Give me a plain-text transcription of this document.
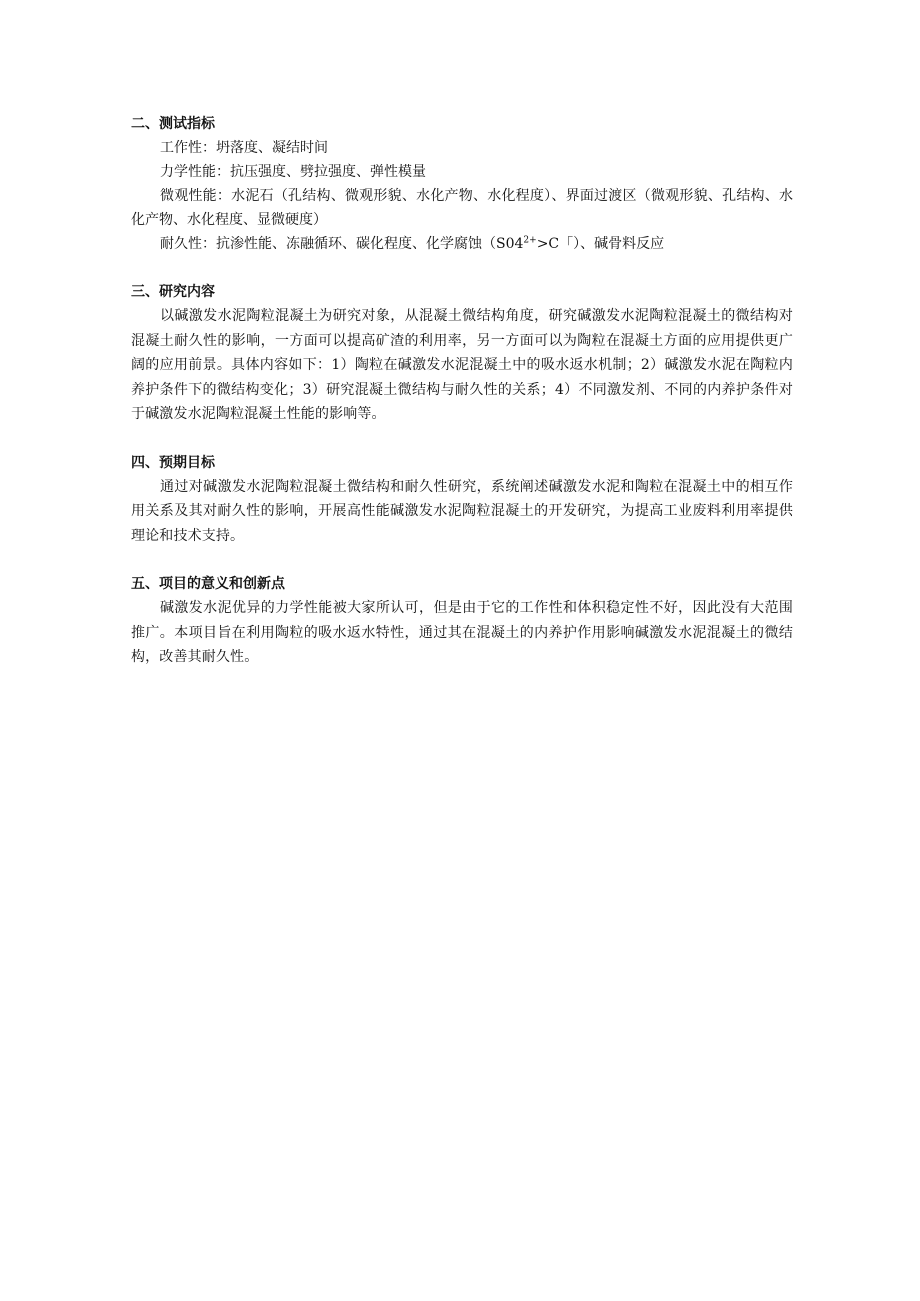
二、测试指标

工作性：坍落度、凝结时间

力学性能：抗压强度、劈拉强度、弹性模量

微观性能：水泥石（孔结构、微观形貌、水化产物、水化程度）、界面过渡区（微观形貌、孔结构、水化产物、水化程度、显微硬度）

耐久性：抗渗性能、冻融循环、碳化程度、化学腐蚀（$S04^{2+}>C$「）、碱骨料反应

三、研究内容

以碱激发水泥陶粒混凝土为研究对象，从混凝土微结构角度，研究碱激发水泥陶粒混凝土的微结构对混凝土耐久性的影响，一方面可以提高矿渣的利用率，另一方面可以为陶粒在混凝土方面的应用提供更广阔的应用前景。具体内容如下：1）陶粒在碱激发水泥混凝土中的吸水返水机制；2）碱激发水泥在陶粒内养护条件下的微结构变化；3）研究混凝土微结构与耐久性的关系；4）不同激发剂、不同的内养护条件对于碱激发水泥陶粒混凝土性能的影响等。

四、预期目标

通过对碱激发水泥陶粒混凝土微结构和耐久性研究，系统阐述碱激发水泥和陶粒在混凝土中的相互作用关系及其对耐久性的影响，开展高性能碱激发水泥陶粒混凝土的开发研究，为提高工业废料利用率提供理论和技术支持。

五、项目的意义和创新点

碱激发水泥优异的力学性能被大家所认可，但是由于它的工作性和体积稳定性不好，因此没有大范围推广。本项目旨在利用陶粒的吸水返水特性，通过其在混凝土的内养护作用影响碱激发水泥混凝土的微结构，改善其耐久性。
